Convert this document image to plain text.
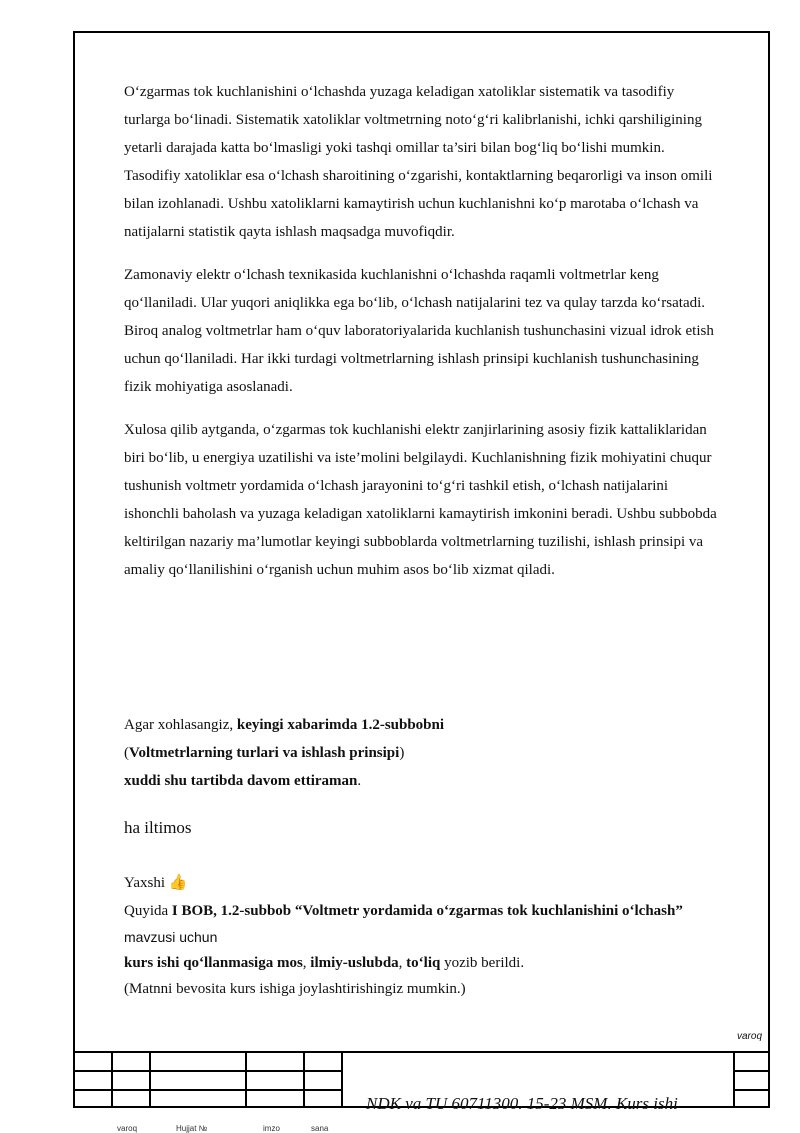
O‘zgarmas tok kuchlanishini o‘lchashda yuzaga keladigan xatoliklar sistematik va tasodifiy turlarga bo‘linadi. Sistematik xatoliklar voltmetrning noto‘g‘ri kalibrlanishi, ichki qarshiligining yetarli darajada katta bo‘lmasligi yoki tashqi omillar ta’siri bilan bog‘liq bo‘lishi mumkin. Tasodifiy xatoliklar esa o‘lchash sharoitining o‘zgarishi, kontaktlarning beqarorligi va inson omili bilan izohlanadi. Ushbu xatoliklarni kamaytirish uchun kuchlanishni ko‘p marotaba o‘lchash va natijalarni statistik qayta ishlash maqsadga muvofiqdir.

Zamonaviy elektr o‘lchash texnikasida kuchlanishni o‘lchashda raqamli voltmetrlar keng qo‘llaniladi. Ular yuqori aniqlikka ega bo‘lib, o‘lchash natijalarini tez va qulay tarzda ko‘rsatadi. Biroq analog voltmetrlar ham o‘quv laboratoriyalarida kuchlanish tushunchasini vizual idrok etish uchun qo‘llaniladi. Har ikki turdagi voltmetrlarning ishlash prinsipi kuchlanish tushunchasining fizik mohiyatiga asoslanadi.

Xulosa qilib aytganda, o‘zgarmas tok kuchlanishi elektr zanjirlarining asosiy fizik kattaliklaridan biri bo‘lib, u energiya uzatilishi va iste’molini belgilaydi. Kuchlanishning fizik mohiyatini chuqur tushunish voltmetr yordamida o‘lchash jarayonini to‘g‘ri tashkil etish, o‘lchash natijalarini ishonchli baholash va yuzaga keladigan xatoliklarni kamaytirish imkonini beradi. Ushbu subbobda keltirilgan nazariy ma’lumotlar keyingi subboblarda voltmetrlarning tuzilishi, ishlash prinsipi va amaliy qo‘llanilishini o‘rganish uchun muhim asos bo‘lib xizmat qiladi.

Agar xohlasangiz, keyingi xabarimda 1.2-subbobni
(Voltmetrlarning turlari va ishlash prinsipi)
xuddi shu tartibda davom ettiraman.
ha iltimos
Yaxshi 👍
Quyida I BOB, 1.2-subbob “Voltmetr yordamida o‘zgarmas tok kuchlanishini o‘lchash”
mavzusi uchun
kurs ishi qo‘llanmasiga mos, ilmiy-uslubda, to‘liq yozib berildi.
(Matnni bevosita kurs ishiga joylashtirishingiz mumkin.)
varoq
NDK va TU 60711300. 15-23 MSM. Kurs ishi
varoq	Hujjat №	imzo	sana
